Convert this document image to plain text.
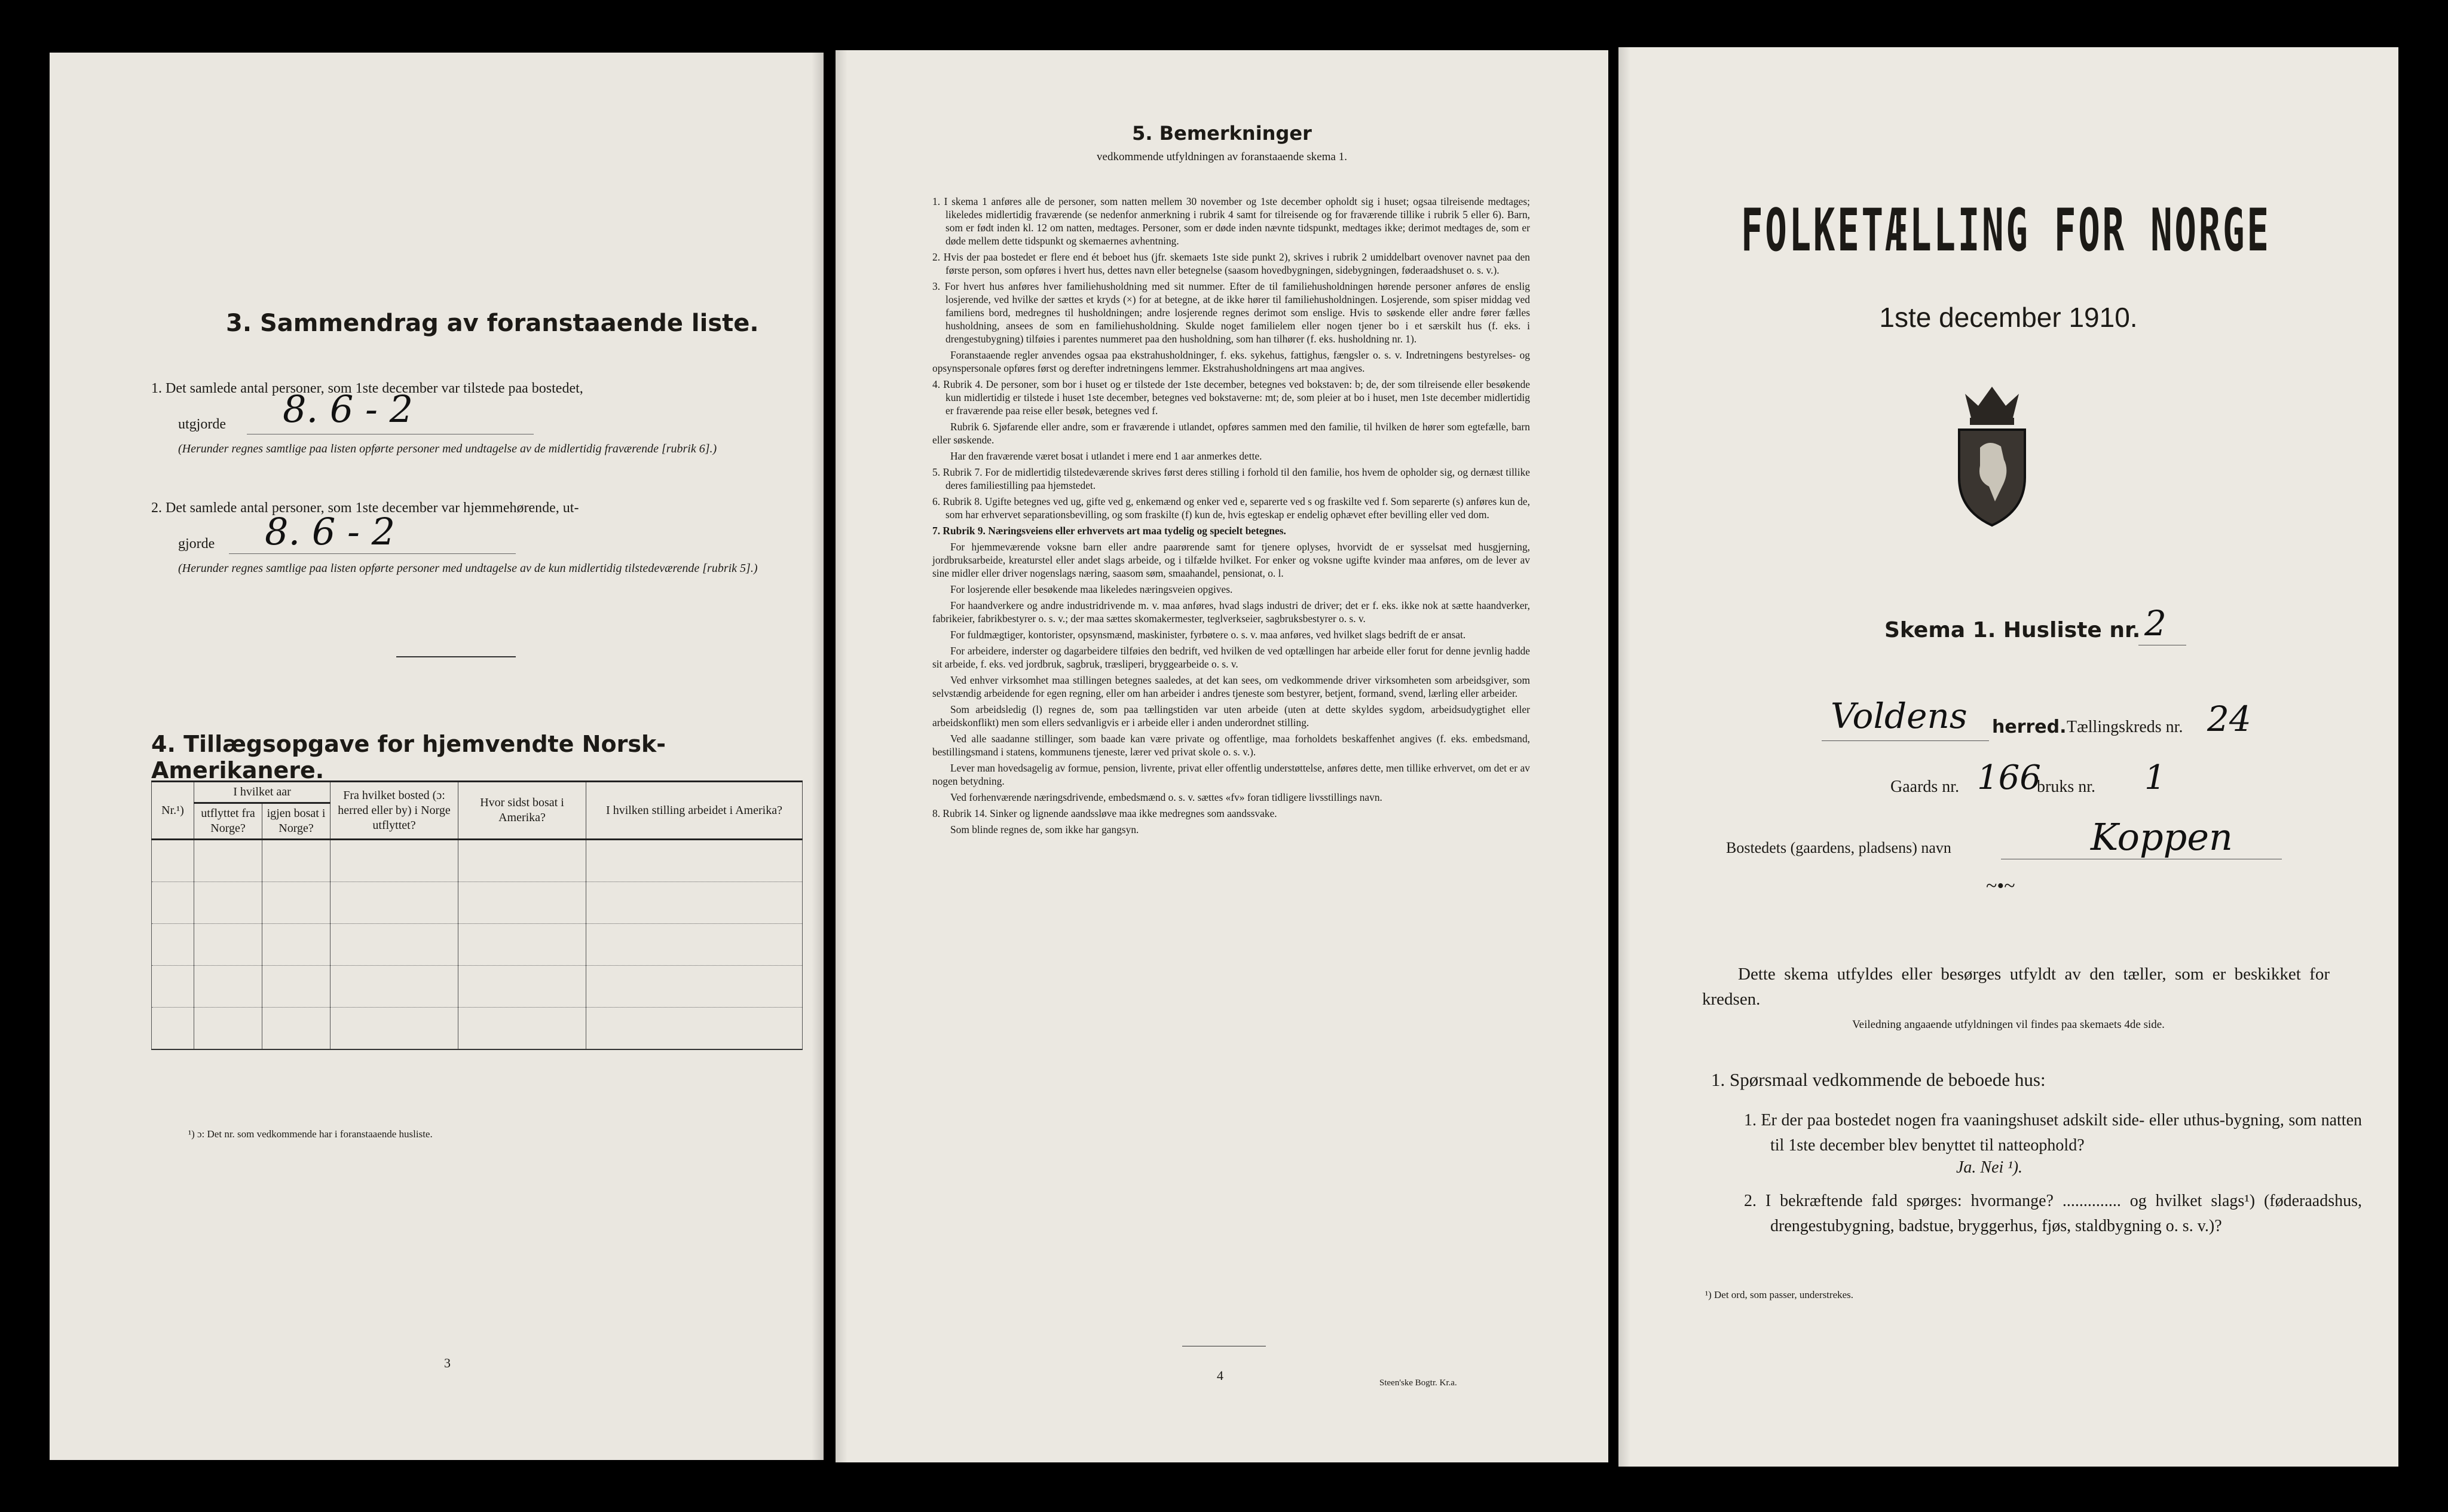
3. Sammendrag av foranstaaende liste.
1. Det samlede antal personer, som 1ste december var tilstede paa bostedet,
utgjorde 8. 6 - 2
(Herunder regnes samtlige paa listen opførte personer med undtagelse av de midlertidig fraværende [rubrik 6].)
2. Det samlede antal personer, som 1ste december var hjemmehørende, ut-
gjorde 8. 6 - 2
(Herunder regnes samtlige paa listen opførte personer med undtagelse av de kun midlertidig tilstedeværende [rubrik 5].)
4. Tillægsopgave for hjemvendte Norsk-Amerikanere.
Nr.¹)	I hvilket aar		Fra hvilket bosted (ɔ: herred eller by) i Norge utflyttet?	Hvor sidst bosat i Amerika?	I hvilken stilling arbeidet i Amerika?
	utflyttet fra Norge?	igjen bosat i Norge?			

¹) ɔ: Det nr. som vedkommende har i foranstaaende husliste.
3
5. Bemerkninger
vedkommende utfyldningen av foranstaaende skema 1.
1. I skema 1 anføres alle de personer, som natten mellem 30 november og 1ste december opholdt sig i huset; ogsaa tilreisende medtages; likeledes midlertidig fraværende (se nedenfor anmerkning i rubrik 4 samt for tilreisende og for fraværende tillike i rubrik 5 eller 6). Barn, som er født inden kl. 12 om natten, medtages. Personer, som er døde inden nævnte tidspunkt, medtages ikke; derimot medtages de, som er døde mellem dette tidspunkt og skemaernes avhentning.
2. Hvis der paa bostedet er flere end ét beboet hus (jfr. skemaets 1ste side punkt 2), skrives i rubrik 2 umiddelbart ovenover navnet paa den første person, som opføres i hvert hus, dettes navn eller betegnelse (saasom hovedbygningen, sidebygningen, føderaadshuset o. s. v.).
3. For hvert hus anføres hver familiehusholdning med sit nummer. Efter de til familiehusholdningen hørende personer anføres de enslig losjerende, ved hvilke der sættes et kryds (×) for at betegne, at de ikke hører til familiehusholdningen. Losjerende, som spiser middag ved familiens bord, medregnes til husholdningen; andre losjerende regnes derimot som enslige. Hvis to søskende eller andre fører fælles husholdning, ansees de som en familiehusholdning. Skulde noget familielem eller nogen tjener bo i et særskilt hus (f. eks. i drengestubygning) tilføies i parentes nummeret paa den husholdning, som han tilhører (f. eks. husholdning nr. 1).
Foranstaaende regler anvendes ogsaa paa ekstrahusholdninger, f. eks. sykehus, fattighus, fængsler o. s. v. Indretningens bestyrelses- og opsynspersonale opføres først og derefter indretningens lemmer. Ekstrahusholdningens art maa angives.
4. Rubrik 4. De personer, som bor i huset og er tilstede der 1ste december, betegnes ved bokstaven: b; de, der som tilreisende eller besøkende kun midlertidig er tilstede i huset 1ste december, betegnes ved bokstaverne: mt; de, som pleier at bo i huset, men 1ste december midlertidig er fraværende paa reise eller besøk, betegnes ved f.
Rubrik 6. Sjøfarende eller andre, som er fraværende i utlandet, opføres sammen med den familie, til hvilken de hører som egtefælle, barn eller søskende.
Har den fraværende været bosat i utlandet i mere end 1 aar anmerkes dette.
5. Rubrik 7. For de midlertidig tilstedeværende skrives først deres stilling i forhold til den familie, hos hvem de opholder sig, og dernæst tillike deres familiestilling paa hjemstedet.
6. Rubrik 8. Ugifte betegnes ved ug, gifte ved g, enkemænd og enker ved e, separerte ved s og fraskilte ved f. Som separerte (s) anføres kun de, som har erhvervet separationsbevilling, og som fraskilte (f) kun de, hvis egteskap er endelig ophævet efter bevilling eller ved dom.
7. Rubrik 9. Næringsveiens eller erhvervets art maa tydelig og specielt betegnes.
For hjemmeværende voksne barn eller andre paarørende samt for tjenere oplyses, hvorvidt de er sysselsat med husgjerning, jordbruksarbeide, kreaturstel eller andet slags arbeide, og i tilfælde hvilket. For enker og voksne ugifte kvinder maa anføres, om de lever av sine midler eller driver nogenslags næring, saasom søm, smaahandel, pensionat, o. l.
For losjerende eller besøkende maa likeledes næringsveien opgives.
For haandverkere og andre industridrivende m. v. maa anføres, hvad slags industri de driver; det er f. eks. ikke nok at sætte haandverker, fabrikeier, fabrikbestyrer o. s. v.; der maa sættes skomakermester, teglverkseier, sagbruksbestyrer o. s. v.
For fuldmægtiger, kontorister, opsynsmænd, maskinister, fyrbøtere o. s. v. maa anføres, ved hvilket slags bedrift de er ansat.
For arbeidere, inderster og dagarbeidere tilføies den bedrift, ved hvilken de ved optællingen har arbeide eller forut for denne jevnlig hadde sit arbeide, f. eks. ved jordbruk, sagbruk, træsliperi, bryggearbeide o. s. v.
Ved enhver virksomhet maa stillingen betegnes saaledes, at det kan sees, om vedkommende driver virksomheten som arbeidsgiver, som selvstændig arbeidende for egen regning, eller om han arbeider i andres tjeneste som bestyrer, betjent, formand, svend, lærling eller arbeider.
Som arbeidsledig (l) regnes de, som paa tællingstiden var uten arbeide (uten at dette skyldes sygdom, arbeidsudygtighet eller arbeidskonflikt) men som ellers sedvanligvis er i arbeide eller i anden underordnet stilling.
Ved alle saadanne stillinger, som baade kan være private og offentlige, maa forholdets beskaffenhet angives (f. eks. embedsmand, bestillingsmand i statens, kommunens tjeneste, lærer ved privat skole o. s. v.).
Lever man hovedsagelig av formue, pension, livrente, privat eller offentlig understøttelse, anføres dette, men tillike erhvervet, om det er av nogen betydning.
Ved forhenværende næringsdrivende, embedsmænd o. s. v. sættes «fv» foran tidligere livsstillings navn.
8. Rubrik 14. Sinker og lignende aandssløve maa ikke medregnes som aandssvake.
Som blinde regnes de, som ikke har gangsyn.
4	Steen'ske Bogtr. Kr.a.
FOLKETÆLLING FOR NORGE
1ste december 1910.
Skema 1. Husliste nr. 2
Voldens herred. Tællingskreds nr. 24
Gaards nr. 166
bruks nr. 1
Bostedets (gaardens, pladsens) navn	Koppen
~•~
Dette skema utfyldes eller besørges utfyldt av den tæller, som er beskikket for kredsen.
Veiledning angaaende utfyldningen vil findes paa skemaets 4de side.
1. Spørsmaal vedkommende de beboede hus:
1. Er der paa bostedet nogen fra vaaningshuset adskilt side- eller uthus-bygning, som natten til 1ste december blev benyttet til natteophold?
Ja. Nei ¹).
2. I bekræftende fald spørges: hvormange? .............. og hvilket slags¹) (føderaadshus, drengestubygning, badstue, bryggerhus, fjøs, staldbygning o. s. v.)?
¹) Det ord, som passer, understrekes.
